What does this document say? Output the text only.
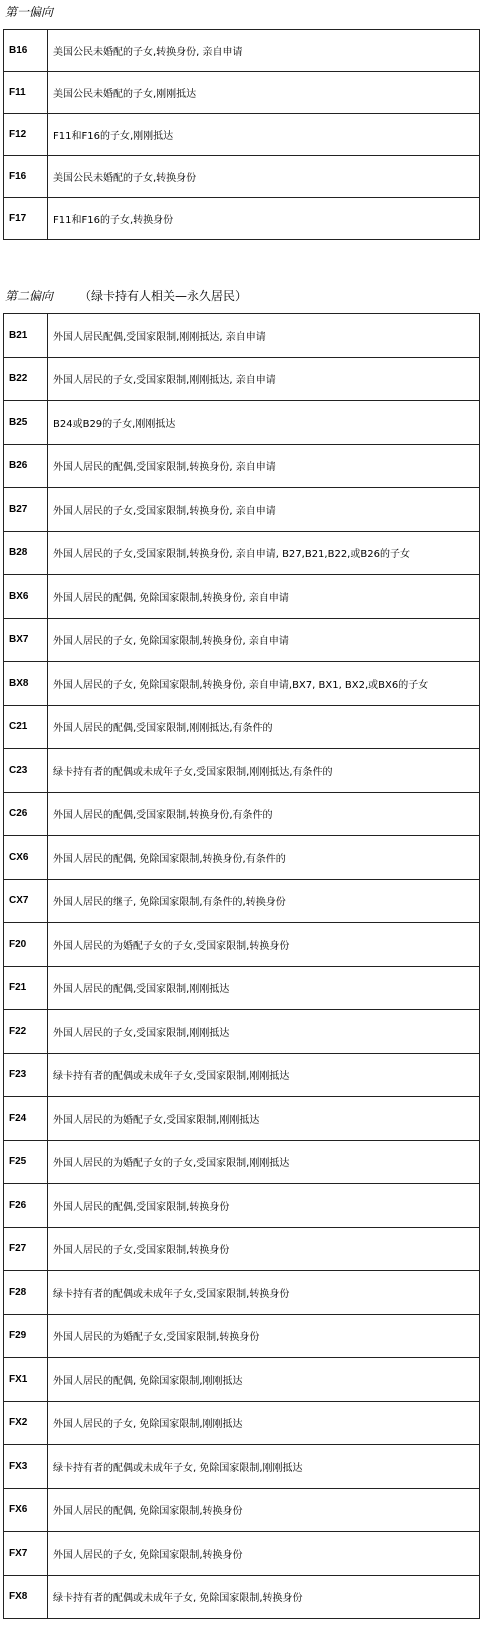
第一偏向
B16	美国公民未婚配的子女,转换身份, 亲自申请
F11	美国公民未婚配的子女,刚刚抵达
F12	F11和F16的子女,刚刚抵达
F16	美国公民未婚配的子女,转换身份
F17	F11和F16的子女,转换身份
第二偏向 （绿卡持有人相关—永久居民）
B21	外国人居民配偶,受国家限制,刚刚抵达, 亲自申请
B22	外国人居民的子女,受国家限制,刚刚抵达, 亲自申请
B25	B24或B29的子女,刚刚抵达
B26	外国人居民的配偶,受国家限制,转换身份, 亲自申请
B27	外国人居民的子女,受国家限制,转换身份, 亲自申请
B28	外国人居民的子女,受国家限制,转换身份, 亲自申请, B27,B21,B22,或B26的子女
BX6	外国人居民的配偶, 免除国家限制,转换身份, 亲自申请
BX7	外国人居民的子女, 免除国家限制,转换身份, 亲自申请
BX8	外国人居民的子女, 免除国家限制,转换身份, 亲自申请,BX7, BX1, BX2,或BX6的子女
C21	外国人居民的配偶,受国家限制,刚刚抵达,有条件的
C23	绿卡持有者的配偶或未成年子女,受国家限制,刚刚抵达,有条件的
C26	外国人居民的配偶,受国家限制,转换身份,有条件的
CX6	外国人居民的配偶, 免除国家限制,转换身份,有条件的
CX7	外国人居民的继子, 免除国家限制,有条件的,转换身份
F20	外国人居民的为婚配子女的子女,受国家限制,转换身份
F21	外国人居民的配偶,受国家限制,刚刚抵达
F22	外国人居民的子女,受国家限制,刚刚抵达
F23	绿卡持有者的配偶或未成年子女,受国家限制,刚刚抵达
F24	外国人居民的为婚配子女,受国家限制,刚刚抵达
F25	外国人居民的为婚配子女的子女,受国家限制,刚刚抵达
F26	外国人居民的配偶,受国家限制,转换身份
F27	外国人居民的子女,受国家限制,转换身份
F28	绿卡持有者的配偶或未成年子女,受国家限制,转换身份
F29	外国人居民的为婚配子女,受国家限制,转换身份
FX1	外国人居民的配偶, 免除国家限制,刚刚抵达
FX2	外国人居民的子女, 免除国家限制,刚刚抵达
FX3	绿卡持有者的配偶或未成年子女, 免除国家限制,刚刚抵达
FX6	外国人居民的配偶, 免除国家限制,转换身份
FX7	外国人居民的子女, 免除国家限制,转换身份
FX8	绿卡持有者的配偶或未成年子女, 免除国家限制,转换身份
